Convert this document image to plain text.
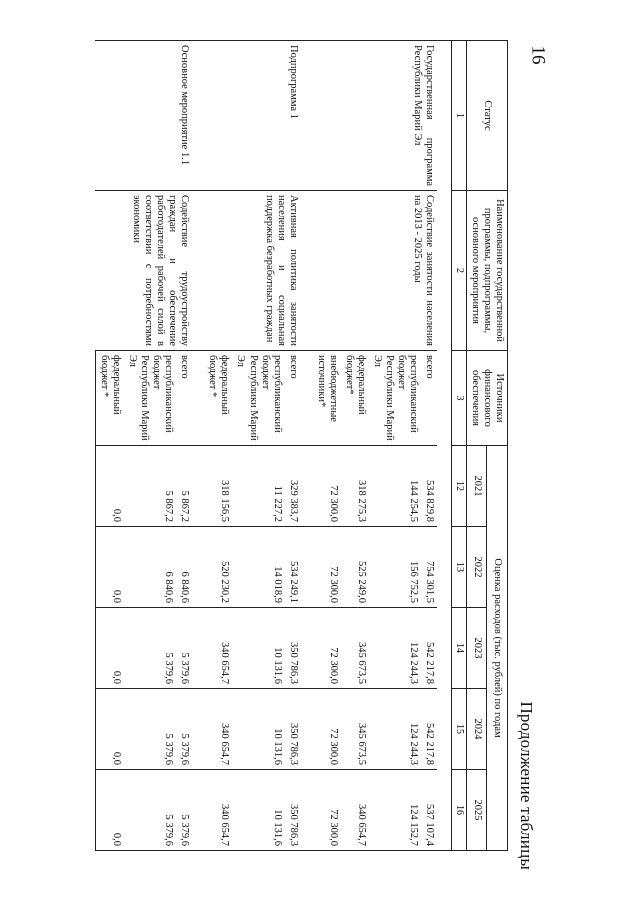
16
Продолжение таблицы
Статус	Наименование государственной программы, подпрограммы, основного мероприятия	Источники финансового обеспечения	Оценка расходов (тыс. рублей) по годам				
			2021	2022	2023	2024	2025
1	2	3	12	13	14	15	16

Государственная программа Республики Марий Эл	Содействие занятости населения на 2013 - 2025 годы	всего	534 829,8	754 301,5	542 217,8	542 217,8	537 107,4
		республиканский бюджет Республики Марий Эл	144 254,5	156 752,5	124 244,3	124 244,3	124 152,7
		федеральный бюджет*	318 275,3	525 249,0	345 673,5	345 673,5	340 654,7
		внебюджетные источники*	72 300,0	72 300,0	72 300,0	72 300,0	72 300,0
Подпрограмма 1	Активная политика занятости населения и социальная поддержка безработных граждан	всего	329 383,7	534 249,1	350 786,3	350 786,3	350 786,3
		республиканский бюджет Республики Марий Эл	11 227,2	14 018,9	10 131,6	10 131,6	10 131,6
		федеральный бюджет *	318 156,5	520 230,2	340 654,7	340 654,7	340 654,7
Основное мероприятие 1.1	Содействие трудоустройству граждан и обеспечение работодателей рабочей силой в соответствии с потребностями экономики	всего	5 867,2	6 840,6	5 379,6	5 379,6	5 379,6
		республиканский бюджет Республики Марий Эл	5 867,2	6 840,6	5 379,6	5 379,6	5 379,6
		федеральный бюджет *	0,0	0,0	0,0	0,0	0,0
